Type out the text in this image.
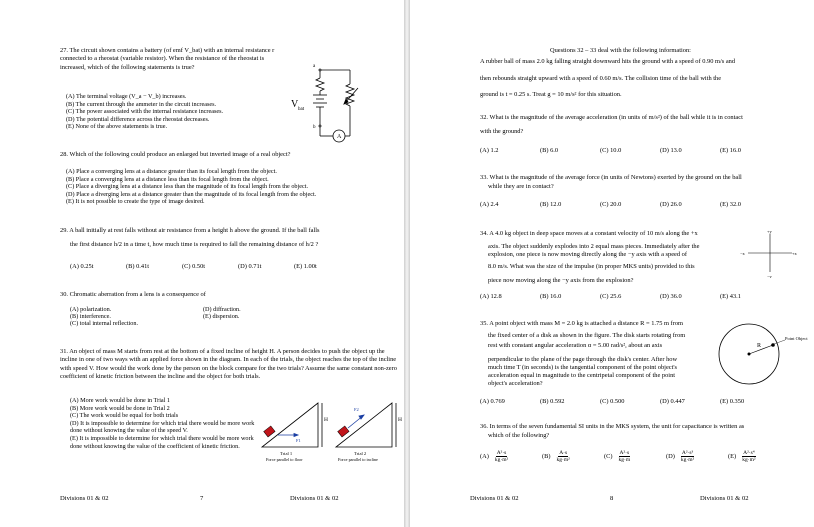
27. The circuit shown contains a battery (of emf V_bat) with an internal resistance r connected to a rheostat (variable resistor). When the resistance of the rheostat is increased, which of the following statements is true?
(A) The terminal voltage (V_a − V_b) increases.
(B) The current through the ammeter in the circuit increases.
(C) The power associated with the internal resistance increases.
(D) The potential difference across the rheostat decreases.
(E) None of the above statements is true.
a
b
V bat
A
28. Which of the following could produce an enlarged but inverted image of a real object?
(A) Place a converging lens at a distance greater than its focal length from the object.
(B) Place a converging lens at a distance less than its focal length from the object.
(C) Place a diverging lens at a distance less than the magnitude of its focal length from the object.
(D) Place a diverging lens at a distance greater than the magnitude of its focal length from the object.
(E) It is not possible to create the type of image desired.
29. A ball initially at rest falls without air resistance from a height h above the ground. If the ball falls
the first distance h/2 in a time t, how much time is required to fall the remaining distance of h/2 ?
(A) 0.25t	(B) 0.41t	(C) 0.50t	(D) 0.71t	(E) 1.00t
30. Chromatic aberration from a lens is a consequence of
(A) polarization.	(D) diffraction.
(B) interference.	(E) dispersion.
(C) total internal reflection.
31. An object of mass M starts from rest at the bottom of a fixed incline of height H. A person decides to push the object up the incline in one of two ways with an applied force shown in the diagram. In each of the trials, the object reaches the top of the incline with speed V. How would the work done by the person on the block compare for the two trials? Assume the same constant non-zero coefficient of kinetic friction between the incline and the object for both trials.
(A) More work would be done in Trial 1
(B) More work would be done in Trial 2
(C) The work would be equal for both trials
(D) It is impossible to determine for which trial there would be more work done without knowing the value of the speed V.
(E) It is impossible to determine for which trial there would be more work done without knowing the value of the coefficient of kinetic friction.
H	H
F1
F2
Trial 1
Force parallel to floor
Trial 2
Force parallel to incline
Divisions 01 & 02	7	Divisions 01 & 02
Questions 32 – 33 deal with the following information:
A rubber ball of mass 2.0 kg falling straight downward hits the ground with a speed of 0.90 m/s and
then rebounds straight upward with a speed of 0.60 m/s. The collision time of the ball with the
ground is t = 0.25 s. Treat g = 10 m/s² for this situation.
32. What is the magnitude of the average acceleration (in units of m/s²) of the ball while it is in contact
with the ground?
(A) 1.2	(B) 6.0	(C) 10.0	(D) 13.0	(E) 16.0
33. What is the magnitude of the average force (in units of Newtons) exerted by the ground on the ball
while they are in contact?
(A) 2.4	(B) 12.0	(C) 20.0	(D) 26.0	(E) 32.0
34. A 4.0 kg object in deep space moves at a constant velocity of 10 m/s along the +x
axis. The object suddenly explodes into 2 equal mass pieces. Immediately after the
explosion, one piece is now moving directly along the −y axis with a speed of
8.0 m/s. What was the size of the impulse (in proper MKS units) provided to this
piece now moving along the −y axis from the explosion?
+y
−y
+x
−x
(A) 12.8	(B) 16.0	(C) 25.6	(D) 36.0	(E) 43.1
35. A point object with mass M = 2.0 kg is attached a distance R = 1.75 m from
the fixed center of a disk as shown in the figure. The disk starts rotating from
rest with constant angular acceleration α = 5.00 rad/s², about an axis
perpendicular to the plane of the page through the disk's center. After how
much time T (in seconds) is the tangential component of the point object's
acceleration equal in magnitude to the centripetal component of the point
object's acceleration?
R
Point Object
(A) 0.769	(B) 0.592	(C) 0.500	(D) 0.447	(E) 0.350
36. In terms of the seven fundamental SI units in the MKS system, the unit for capacitance is written as
which of the following?
$(A) \frac{\text{A²·s}}{\text{kg·m²}}$	$(B) \frac{A\cdot s}{\text{kg·m²}}$	$(C) \frac{\text{A²·s}}{kg\cdot m}$	$(D) \frac{\text{A²·s³}}{\text{kg·m²}}$	$(E) \frac{\text{A²·s⁴}}{\text{kg·m²}}$
Divisions 01 & 02	8	Divisions 01 & 02
